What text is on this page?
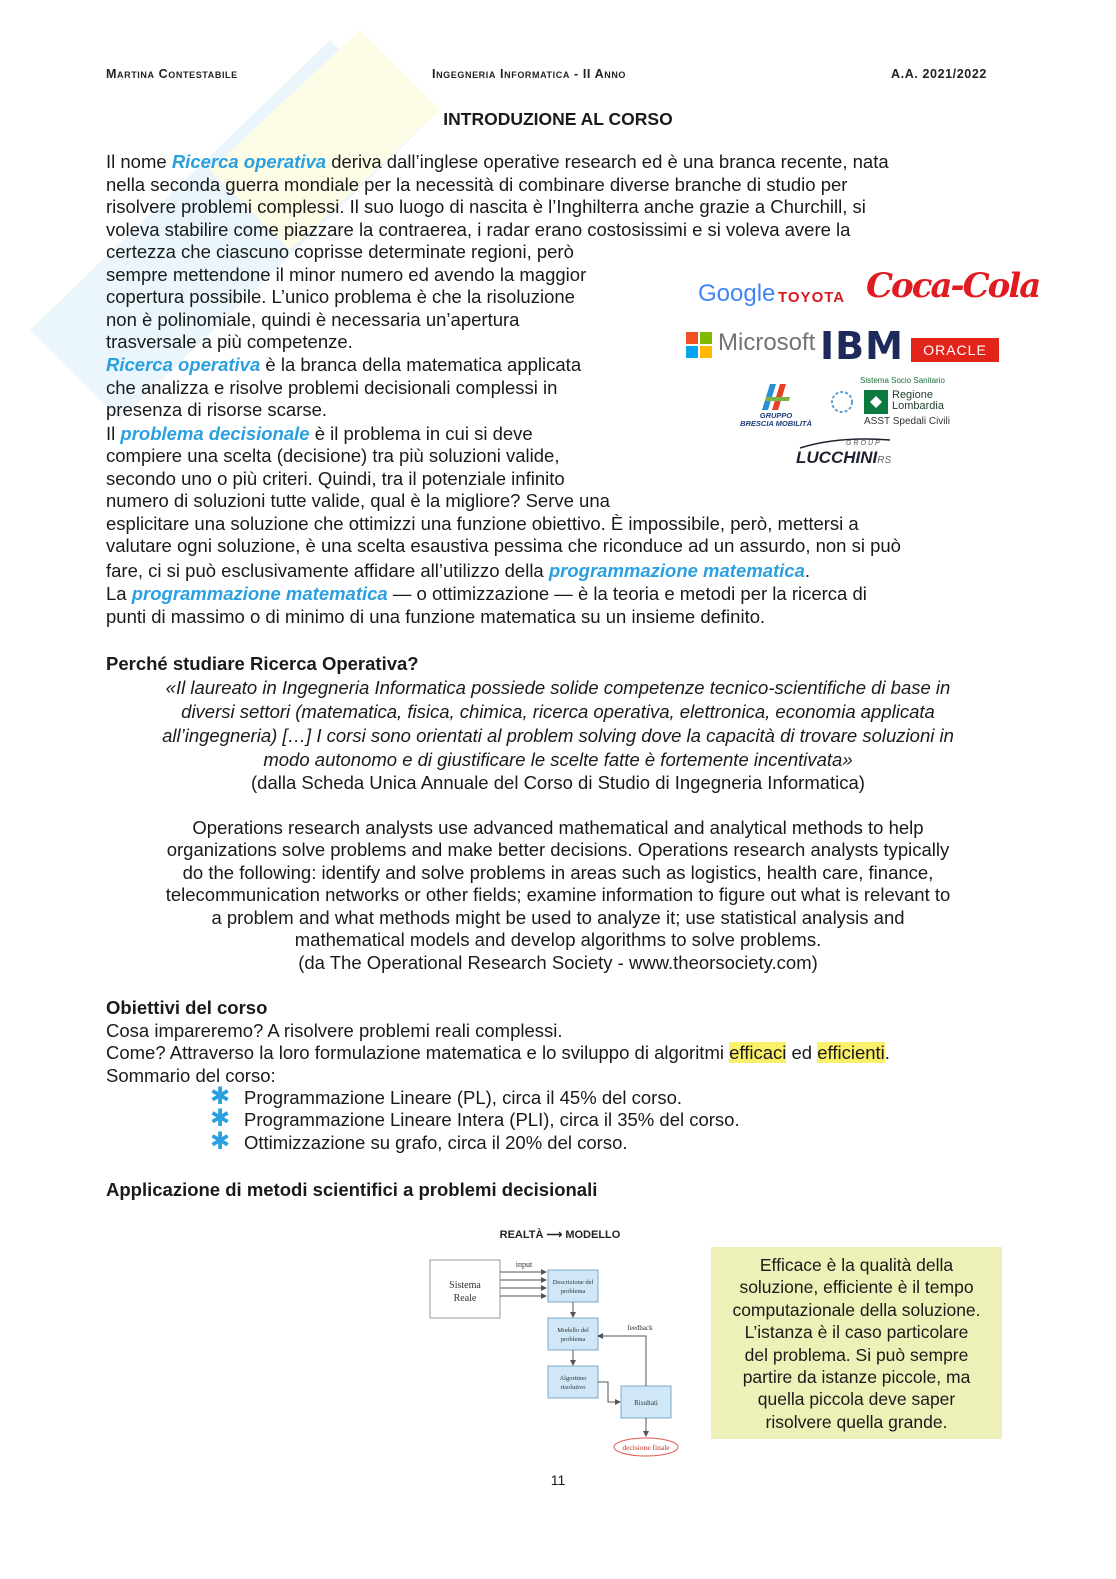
Martina Contestabile	Ingegneria Informatica - II Anno	A.A. 2021/2022
INTRODUZIONE AL CORSO
Il nome Ricerca operativa deriva dall’inglese operative research ed è una branca recente, nata
nella seconda guerra mondiale per la necessità di combinare diverse branche di studio per
risolvere problemi complessi. Il suo luogo di nascita è l’Inghilterra anche grazie a Churchill, si
voleva stabilire come piazzare la contraerea, i radar erano costosissimi e si voleva avere la
certezza che ciascuno coprisse determinate regioni, però
sempre mettendone il minor numero ed avendo la maggior
copertura possibile. L’unico problema è che la risoluzione
non è polinomiale, quindi è necessaria un’apertura
trasversale a più competenze.
Ricerca operativa è la branca della matematica applicata
che analizza e risolve problemi decisionali complessi in
presenza di risorse scarse.
Il problema decisionale è il problema in cui si deve
compiere una scelta (decisione) tra più soluzioni valide,
secondo uno o più criteri. Quindi, tra il potenziale infinito
numero di soluzioni tutte valide, qual è la migliore? Serve una
esplicitare una soluzione che ottimizzi una funzione obiettivo. È impossibile, però, mettersi a
valutare ogni soluzione, è una scelta esaustiva pessima che riconduce ad un assurdo, non si può
fare, ci si può esclusivamente affidare all’utilizzo della programmazione matematica.
La programmazione matematica — o ottimizzazione — è la teoria e metodi per la ricerca di
punti di massimo o di minimo di una funzione matematica su un insieme definito.
Google TOYOTA Coca-Cola
Microsoft IBM	ORACLE
GRUPPO
BRESCIA MOBILITÀ
Sistema Socio Sanitario
Regione
Lombardia
ASST Spedali Civili
GROUP
LUCCHINIRS
Perché studiare Ricerca Operativa?
«Il laureato in Ingegneria Informatica possiede solide competenze tecnico-scientifiche di base in
diversi settori (matematica, fisica, chimica, ricerca operativa, elettronica, economia applicata
all’ingegneria) […] I corsi sono orientati al problem solving dove la capacità di trovare soluzioni in
modo autonomo e di giustificare le scelte fatte è fortemente incentivata»
(dalla Scheda Unica Annuale del Corso di Studio di Ingegneria Informatica)
Operations research analysts use advanced mathematical and analytical methods to help
organizations solve problems and make better decisions. Operations research analysts typically
do the following: identify and solve problems in areas such as logistics, health care, finance,
telecommunication networks or other fields; examine information to figure out what is relevant to
a problem and what methods might be used to analyze it; use statistical analysis and
mathematical models and develop algorithms to solve problems.
(da The Operational Research Society - www.theorsociety.com)
Obiettivi del corso
Cosa impareremo? A risolvere problemi reali complessi.
Come? Attraverso la loro formulazione matematica e lo sviluppo di algoritmi efficaci ed efficienti.
Sommario del corso:
✱ Programmazione Lineare (PL), circa il 45% del corso.
✱ Programmazione Lineare Intera (PLI), circa il 35% del corso.
✱ Ottimizzazione su grafo, circa il 20% del corso.
Applicazione di metodi scientifici a problemi decisionali
REALTÀ ⟶ MODELLO
Sistema
Reale
input
Descrizione del
problema
Modello del
problema
Algoritmo
risolutivo
Risultati
feedback
decisione finale
Efficace è la qualità della
soluzione, efficiente è il tempo
computazionale della soluzione.
L’istanza è il caso particolare
del problema. Si può sempre
partire da istanze piccole, ma
quella piccola deve saper
risolvere quella grande.
11
